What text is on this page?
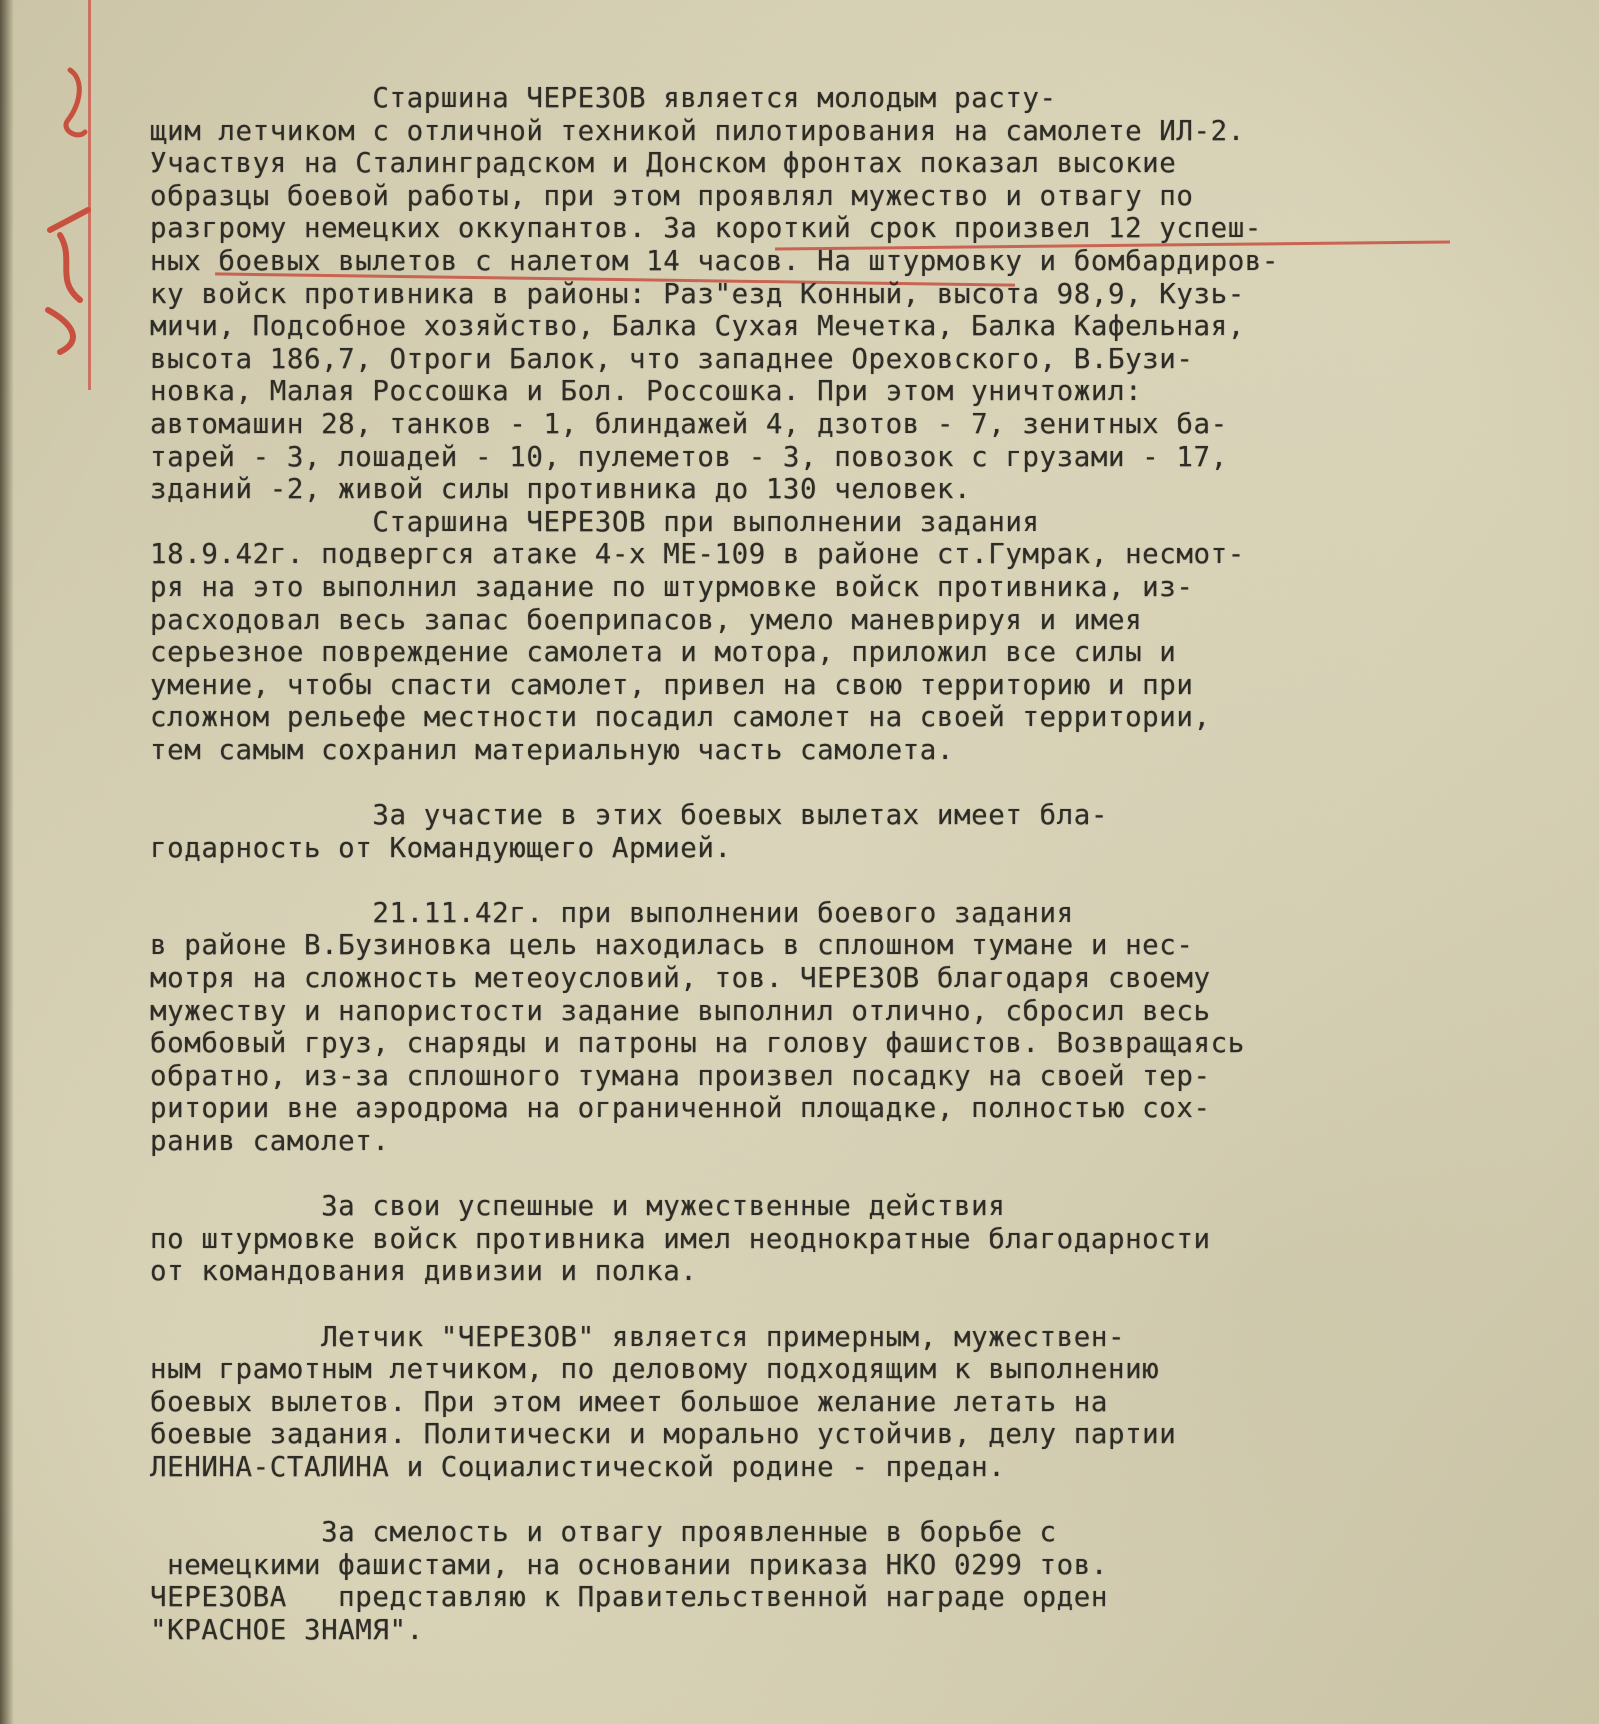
Старшина ЧЕРЕЗОВ является молодым расту-
щим летчиком с отличной техникой пилотирования на самолете ИЛ-2.
Участвуя на Сталинградском и Донском фронтах показал высокие
образцы боевой работы, при этом проявлял мужество и отвагу по
разгрому немецких оккупантов. За короткий срок произвел 12 успеш-
ных боевых вылетов с налетом 14 часов. На штурмовку и бомбардиров-
ку войск противника в районы: Раз"езд Конный, высота 98,9, Кузь-
мичи, Подсобное хозяйство, Балка Сухая Мечетка, Балка Кафельная,
высота 186,7, Отроги Балок, что западнее Ореховского, В.Бузи-
новка, Малая Россошка и Бол. Россошка. При этом уничтожил:
автомашин 28, танков - 1, блиндажей 4, дзотов - 7, зенитных ба-
тарей - 3, лошадей - 10, пулеметов - 3, повозок с грузами - 17,
зданий -2, живой силы противника до 130 человек.
Старшина ЧЕРЕЗОВ при выполнении задания
18.9.42г. подвергся атаке 4-х МЕ-109 в районе ст.Гумрак, несмот-
ря на это выполнил задание по штурмовке войск противника, из-
расходовал весь запас боеприпасов, умело маневрируя и имея
серьезное повреждение самолета и мотора, приложил все силы и
умение, чтобы спасти самолет, привел на свою территорию и при
сложном рельефе местности посадил самолет на своей территории,
тем самым сохранил материальную часть самолета.
За участие в этих боевых вылетах имеет бла-
годарность от Командующего Армией.
21.11.42г. при выполнении боевого задания
в районе В.Бузиновка цель находилась в сплошном тумане и нес-
мотря на сложность метеоусловий, тов. ЧЕРЕЗОВ благодаря своему
мужеству и напористости задание выполнил отлично, сбросил весь
бомбовый груз, снаряды и патроны на голову фашистов. Возвращаясь
обратно, из-за сплошного тумана произвел посадку на своей тер-
ритории вне аэродрома на ограниченной площадке, полностью сох-
ранив самолет.
За свои успешные и мужественные действия
по штурмовке войск противника имел неоднократные благодарности
от командования дивизии и полка.
Летчик "ЧЕРЕЗОВ" является примерным, мужествен-
ным грамотным летчиком, по деловому подходящим к выполнению
боевых вылетов. При этом имеет большое желание летать на
боевые задания. Политически и морально устойчив, делу партии
ЛЕНИНА-СТАЛИНА и Социалистической родине - предан.
За смелость и отвагу проявленные в борьбе с
немецкими фашистами, на основании приказа НКО 0299 тов.
ЧЕРЕЗОВА   представляю к Правительственной награде орден
"КРАСНОЕ ЗНАМЯ".
